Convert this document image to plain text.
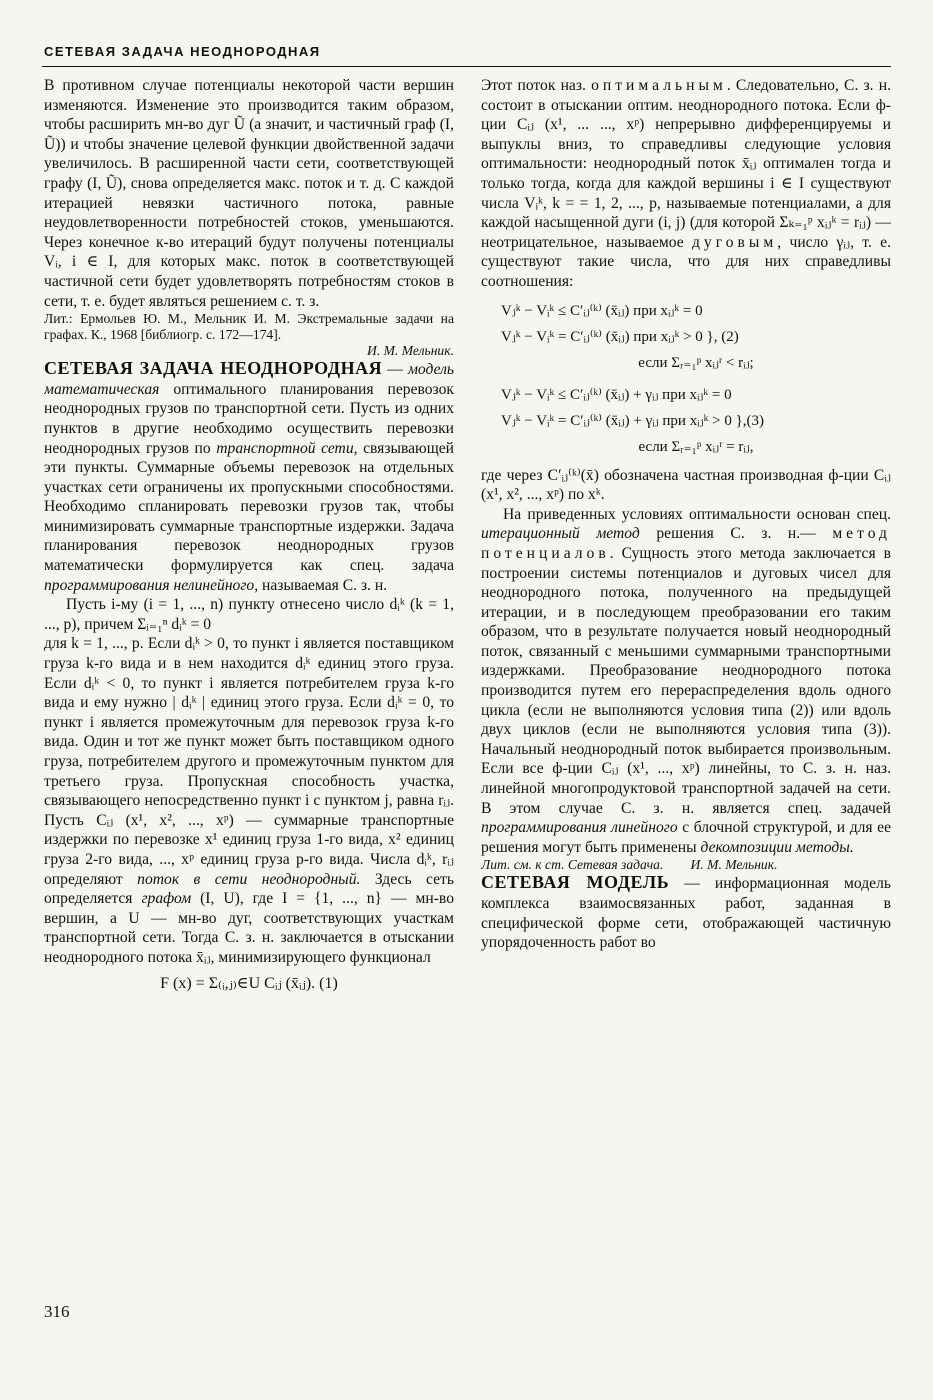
СЕТЕВАЯ ЗАДАЧА НЕОДНОРОДНАЯ

В противном случае потенциалы некоторой части вершин изменяются. Изменение это производится таким образом, чтобы расширить мн-во дуг Ũ (а значит, и частичный граф (I, Ũ)) и чтобы значение целевой функции двойственной задачи увеличилось. В расширенной части сети, соответствующей графу (I, Ũ), снова определяется макс. поток и т. д. С каждой итерацией невязки частичного потока, равные неудовлетворенности потребностей стоков, уменьшаются. Через конечное к-во итераций будут получены потенциалы Vᵢ, i ∈ I, для которых макс. поток в соответствующей частичной сети будет удовлетворять потребностям стоков в сети, т. е. будет являться решением с. т. з.

Лит.: Ермольев Ю. М., Мельник И. М. Экстремальные задачи на графах. К., 1968 [библиогр. с. 172—174].

И. М. Мельник.

СЕТЕВАЯ ЗАДАЧА НЕОДНОРОДНАЯ — модель математическая оптимального планирования перевозок неоднородных грузов по транспортной сети. Пусть из одних пунктов в другие необходимо осуществить перевозки неоднородных грузов по транспортной сети, связывающей эти пункты. Суммарные объемы перевозок на отдельных участках сети ограничены их пропускными способностями. Необходимо спланировать перевозки грузов так, чтобы минимизировать суммарные транспортные издержки. Задача планирования перевозок неоднородных грузов математически формулируется как спец. задача программирования нелинейного, называемая С. з. н.

Пусть i-му (i = 1, ..., n) пункту отнесено число dᵢᵏ (k = 1, ..., p), причем Σᵢ₌₁ⁿ dᵢᵏ = 0

для k = 1, ..., p. Если dᵢᵏ > 0, то пункт i является поставщиком груза k-го вида и в нем находится dᵢᵏ единиц этого груза. Если dᵢᵏ < 0, то пункт i является потребителем груза k-го вида и ему нужно | dᵢᵏ | единиц этого груза. Если dᵢᵏ = 0, то пункт i является промежуточным для перевозок груза k-го вида. Один и тот же пункт может быть поставщиком одного груза, потребителем другого и промежуточным пунктом для третьего груза. Пропускная способность участка, связывающего непосредственно пункт i с пунктом j, равна rᵢⱼ. Пусть Cᵢⱼ (x¹, x², ..., xᵖ) — суммарные транспортные издержки по перевозке x¹ единиц груза 1-го вида, x² единиц груза 2-го вида, ..., xᵖ единиц груза p-го вида. Числа dᵢᵏ, rᵢⱼ определяют поток в сети неоднородный. Здесь сеть определяется графом (I, U), где I = {1, ..., n} — мн-во вершин, а U — мн-во дуг, соответствующих участкам транспортной сети. Тогда С. з. н. заключается в отыскании неоднородного потока x̄ᵢⱼ, минимизирующего функционал

F (x) = Σ₍ᵢ,ⱼ₎∈U Cᵢⱼ (x̄ᵢⱼ). (1)

Этот поток наз. оптимальным. Следовательно, С. з. н. состоит в отыскании оптим. неоднородного потока. Если ф-ции Cᵢⱼ (x¹, ... ..., xᵖ) непрерывно дифференцируемы и выпуклы вниз, то справедливы следующие условия оптимальности: неоднородный поток x̄ᵢⱼ оптимален тогда и только тогда, когда для каждой вершины i ∈ I существуют числа Vᵢᵏ, k = = 1, 2, ..., p, называемые потенциалами, а для каждой насыщенной дуги (i, j) (для которой Σₖ₌₁ᵖ xᵢⱼᵏ = rᵢⱼ) — неотрицательное, называемое дуговым, число γᵢⱼ, т. е. существуют такие числа, что для них справедливы соотношения:

Vⱼᵏ − Vᵢᵏ ≤ C′ᵢⱼ⁽ᵏ⁾ (x̄ᵢⱼ) при xᵢⱼᵏ = 0
Vⱼᵏ − Vᵢᵏ = C′ᵢⱼ⁽ᵏ⁾ (x̄ᵢⱼ) при xᵢⱼᵏ > 0 }, (2)
если Σᵣ₌₁ᵖ xᵢⱼʳ < rᵢⱼ;
Vⱼᵏ − Vᵢᵏ ≤ C′ᵢⱼ⁽ᵏ⁾ (x̄ᵢⱼ) + γᵢⱼ при xᵢⱼᵏ = 0
Vⱼᵏ − Vᵢᵏ = C′ᵢⱼ⁽ᵏ⁾ (x̄ᵢⱼ) + γᵢⱼ при xᵢⱼᵏ > 0 },(3)
если Σᵣ₌₁ᵖ xᵢⱼʳ = rᵢⱼ,

где через C′ᵢⱼ⁽ᵏ⁾(x̄) обозначена частная производная ф-ции Cᵢⱼ (x¹, x², ..., xᵖ) по xᵏ.

На приведенных условиях оптимальности основан спец. итерационный метод решения С. з. н.— метод потенциалов. Сущность этого метода заключается в построении системы потенциалов и дуговых чисел для неоднородного потока, полученного на предыдущей итерации, и в последующем преобразовании его таким образом, что в результате получается новый неоднородный поток, связанный с меньшими суммарными транспортными издержками. Преобразование неоднородного потока производится путем его перераспределения вдоль одного цикла (если не выполняются условия типа (2)) или вдоль двух циклов (если не выполняются условия типа (3)). Начальный неоднородный поток выбирается произвольным. Если все ф-ции Cᵢⱼ (x¹, ..., xᵖ) линейны, то С. з. н. наз. линейной многопродуктовой транспортной задачей на сети. В этом случае С. з. н. является спец. задачей программирования линейного с блочной структурой, и для ее решения могут быть применены декомпозиции методы.

Лит. см. к ст. Сетевая задача. И. М. Мельник.

СЕТЕВАЯ МОДЕЛЬ — информационная модель комплекса взаимосвязанных работ, заданная в специфической форме сети, отображающей частичную упорядоченность работ во

316
